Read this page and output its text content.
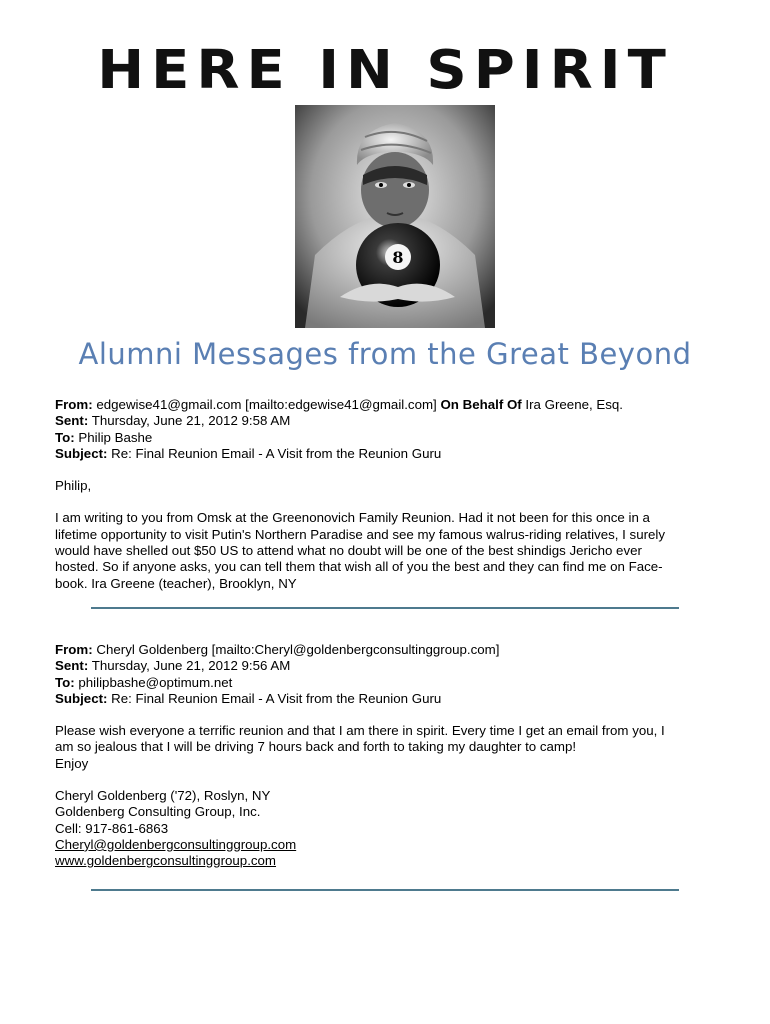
HERE IN SPIRIT
8
Alumni Messages from the Great Beyond

From: edgewise41@gmail.com [mailto:edgewise41@gmail.com] On Behalf Of Ira Greene, Esq.

Sent: Thursday, June 21, 2012 9:58 AM

To: Philip Bashe

Subject: Re: Final Reunion Email - A Visit from the Reunion Guru

Philip,

I am writing to you from Omsk at the Greenonovich Family Reunion. Had it not been for this once in a

lifetime opportunity to visit Putin's Northern Paradise and see my famous walrus-riding relatives, I surely

would have shelled out $50 US to attend what no doubt will be one of the best shindigs Jericho ever

hosted. So if anyone asks, you can tell them that wish all of you the best and they can find me on Face-

book. Ira Greene (teacher), Brooklyn, NY

From: Cheryl Goldenberg [mailto:Cheryl@goldenbergconsultinggroup.com]

Sent: Thursday, June 21, 2012 9:56 AM

To: philipbashe@optimum.net

Subject: Re: Final Reunion Email - A Visit from the Reunion Guru

Please wish everyone a terrific reunion and that I am there in spirit. Every time I get an email from you, I

am so jealous that I will be driving 7 hours back and forth to taking my daughter to camp!

Enjoy

Cheryl Goldenberg ('72), Roslyn, NY

Goldenberg Consulting Group, Inc.

Cell: 917-861-6863

Cheryl@goldenbergconsultinggroup.com

www.goldenbergconsultinggroup.com
